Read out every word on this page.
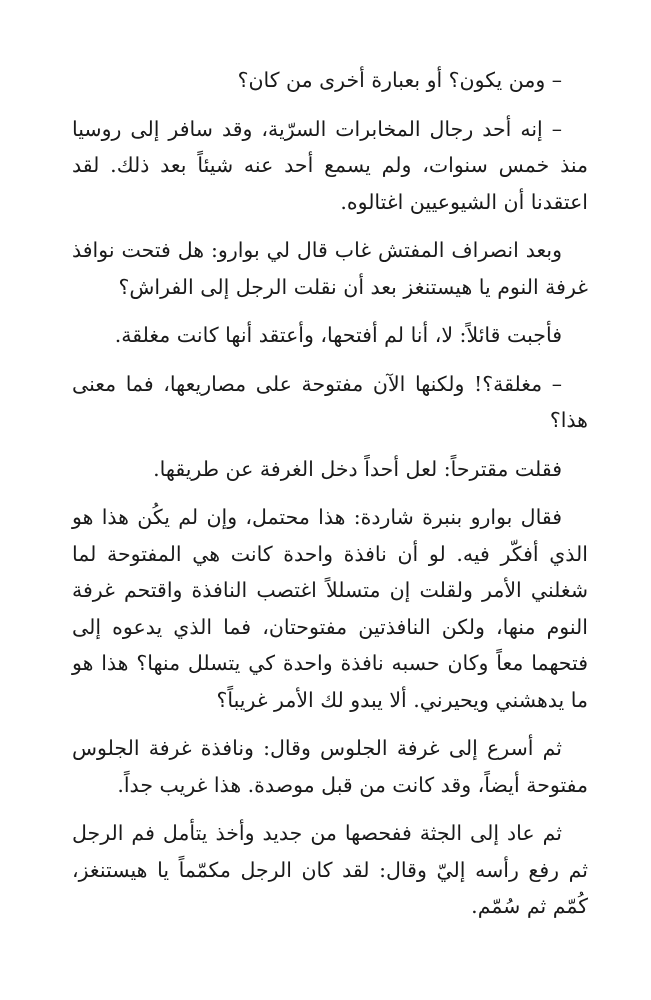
– ومن يكون؟ أو بعبارة أخرى من كان؟

– إنه أحد رجال المخابرات السرّية، وقد سافر إلى روسيا منذ خمس سنوات، ولم يسمع أحد عنه شيئاً بعد ذلك. لقد اعتقدنا أن الشيوعيين اغتالوه.

وبعد انصراف المفتش غاب قال لي بوارو: هل فتحت نوافذ غرفة النوم يا هيستنغز بعد أن نقلت الرجل إلى الفراش؟

فأجبت قائلاً: لا، أنا لم أفتحها، وأعتقد أنها كانت مغلقة.

– مغلقة؟! ولكنها الآن مفتوحة على مصاريعها، فما معنى هذا؟

فقلت مقترحاً: لعل أحداً دخل الغرفة عن طريقها.

فقال بوارو بنبرة شاردة: هذا محتمل، وإن لم يكُن هذا هو الذي أفكّر فيه. لو أن نافذة واحدة كانت هي المفتوحة لما شغلني الأمر ولقلت إن متسللاً اغتصب النافذة واقتحم غرفة النوم منها، ولكن النافذتين مفتوحتان، فما الذي يدعوه إلى فتحهما معاً وكان حسبه نافذة واحدة كي يتسلل منها؟ هذا هو ما يدهشني ويحيرني. ألا يبدو لك الأمر غريباً؟

ثم أسرع إلى غرفة الجلوس وقال: ونافذة غرفة الجلوس مفتوحة أيضاً، وقد كانت من قبل موصدة. هذا غريب جداً.

ثم عاد إلى الجثة ففحصها من جديد وأخذ يتأمل فم الرجل ثم رفع رأسه إليّ وقال: لقد كان الرجل مكمّماً يا هيستنغز، كُمّم ثم سُمّم.
